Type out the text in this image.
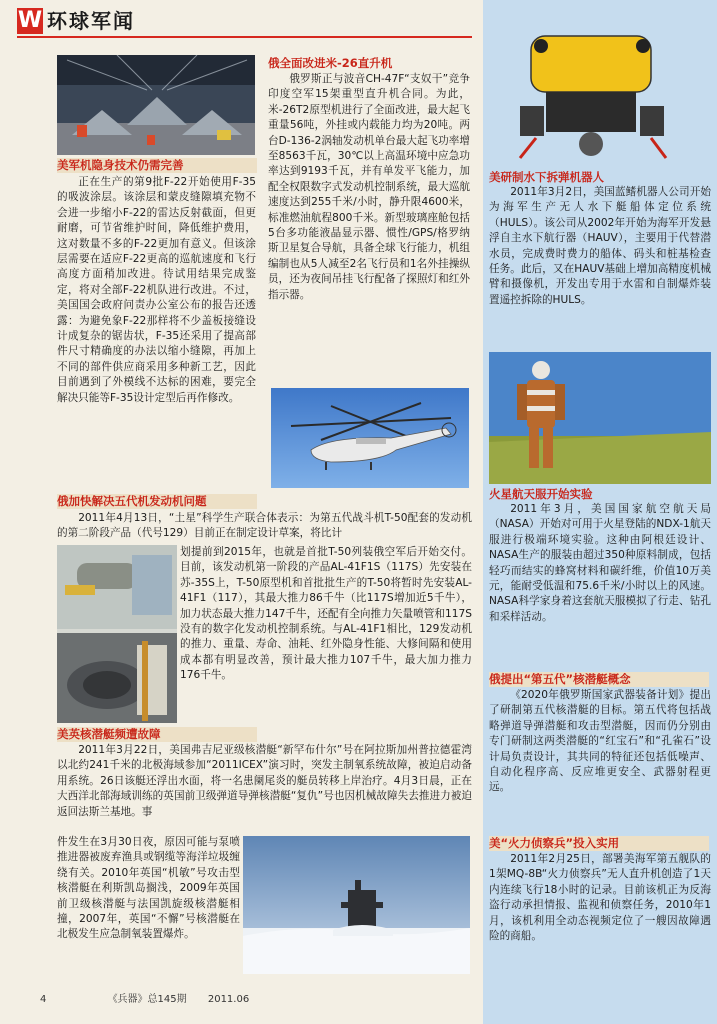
W 环球军闻
美军机隐身技术仍需完善

正在生产的第9批F-22开始使用F-35的吸波涂层。该涂层和蒙皮缝隙填充物不会进一步缩小F-22的雷达反射截面，但更耐磨，可节省维护时间，降低维护费用，这对数量不多的F-22更加有意义。但该涂层需要在适应F-22更高的巡航速度和飞行高度方面稍加改进。待试用结果完成鉴定，将对全部F-22机队进行改进。不过，美国国会政府问责办公室公布的报告还透露：为避免象F-22那样将不少盖板接缝设计成复杂的锯齿状，F-35还采用了提高部件尺寸精确度的办法以缩小缝隙，再加上不同的部件供应商采用多种新工艺，因此目前遇到了外模线不达标的困难，要完全解决只能等F-35设计定型后再作修改。

俄全面改进米-26直升机

俄罗斯正与波音CH-47F“支奴干”竞争印度空军15架重型直升机合同。为此，米-26T2原型机进行了全面改进，最大起飞重量56吨，外挂或内载能力均为20吨。两台D-136-2涡轴发动机单台最大起飞功率增至8563千瓦，30℃以上高温环境中应急功率达到9193千瓦，并有单发平飞能力，加配全权限数字式发动机控制系统，最大巡航速度达到255千米/小时，静升限4600米，标准燃油航程800千米。新型玻璃座舱包括5台多功能液晶显示器、惯性/GPS/格罗纳斯卫星复合导航，具备全球飞行能力，机组编制也从5人减至2名飞行员和1名外挂操纵员，还为夜间吊挂飞行配备了探照灯和红外指示器。

俄加快解决五代机发动机问题

2011年4月13日，“土星”科学生产联合体表示：为第五代战斗机T-50配套的发动机的第二阶段产品（代号129）目前正在制定设计草案，将比计

划提前到2015年，也就是首批T-50列装俄空军后开始交付。目前，该发动机第一阶段的产品AL-41F1S（117S）先安装在苏-35S上，T-50原型机和首批批生产的T-50将暂时先安装AL-41F1（117），其最大推力86千牛（比117S增加近5千牛），加力状态最大推力147千牛，还配有全向推力矢量喷管和117S没有的数字化发动机控制系统。与AL-41F1相比，129发动机的推力、重量、寿命、油耗、红外隐身性能、大修间隔和使用成本都有明显改善，预计最大推力107千牛，最大加力推力176千牛。

美英核潜艇频遭故障

2011年3月22日，美国弗吉尼亚级核潜艇“新罕布什尔”号在阿拉斯加州普拉德霍湾以北约241千米的北极海域参加“2011ICEX”演习时，突发主制氧系统故障，被迫启动备用系统。26日该艇还浮出水面，将一名患阑尾炎的艇员转移上岸治疗。4月3日晨，正在大西洋北部海域训练的英国前卫级弹道导弹核潜艇“复仇”号也因机械故障失去推进力被迫返回法斯兰基地。事

件发生在3月30日夜，原因可能与泵喷推进器被废弃渔具或钢缆等海洋垃圾缠绕有关。2010年英国“机敏”号攻击型核潜艇在利斯凯岛搁浅，2009年英国前卫级核潜艇与法国凯旋级核潜艇相撞，2007年，英国“不懈”号核潜艇在北极发生应急制氧装置爆炸。

美研制水下拆弹机器人

2011年3月2日，美国蓝鳍机器人公司开始为海军生产无人水下艇船体定位系统（HULS）。该公司从2002年开始为海军开发悬浮自主水下航行器（HAUV），主要用于代替潜水员，完成费时费力的船体、码头和桩基检查任务。此后，又在HAUV基础上增加高精度机械臂和摄像机，开发出专用于水雷和自制爆炸装置遥控拆除的HULS。

火星航天服开始实验

2011年3月，美国国家航空航天局（NASA）开始对可用于火星登陆的NDX-1航天服进行极端环境实验。这种由阿根廷设计、NASA生产的服装由超过350种原料制成，包括轻巧而结实的蜂窝材料和碳纤维，价值10万美元，能耐受低温和75.6千米/小时以上的风速。NASA科学家身着这套航天服模拟了行走、钻孔和采样活动。

俄提出“第五代”核潜艇概念

《2020年俄罗斯国家武器装备计划》提出了研制第五代核潜艇的目标。第五代将包括战略弹道导弹潜艇和攻击型潜艇，因而仍分别由专门研制这两类潜艇的“红宝石”和“孔雀石”设计局负责设计，其共同的特征还包括低噪声、自动化程序高、反应堆更安全、武器射程更远。

美“火力侦察兵”投入实用

2011年2月25日，部署美海军第五舰队的1架MQ-8B“火力侦察兵”无人直升机创造了1天内连续飞行18小时的记录。目前该机正为反海盗行动承担情报、监视和侦察任务，2010年1月，该机利用全动态视频定位了一艘因故障遇险的商船。

4	《兵器》总145期 2011.06
